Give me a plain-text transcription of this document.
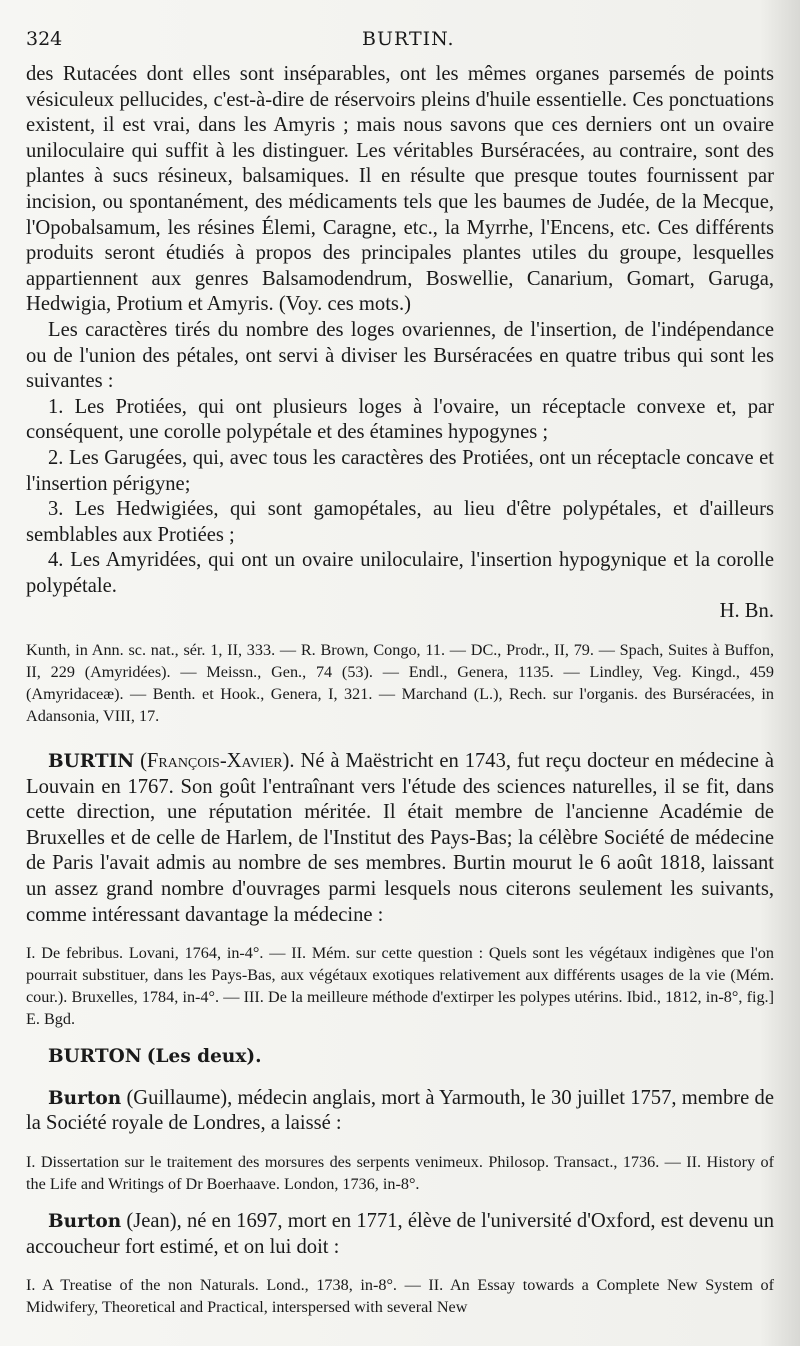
324	BURTIN.

des Rutacées dont elles sont inséparables, ont les mêmes organes parsemés de points vésiculeux pellucides, c'est-à-dire de réservoirs pleins d'huile essentielle. Ces ponctuations existent, il est vrai, dans les Amyris ; mais nous savons que ces derniers ont un ovaire uniloculaire qui suffit à les distinguer. Les véritables Burséracées, au contraire, sont des plantes à sucs résineux, balsamiques. Il en résulte que presque toutes fournissent par incision, ou spontanément, des médicaments tels que les baumes de Judée, de la Mecque, l'Opobalsamum, les résines Élemi, Caragne, etc., la Myrrhe, l'Encens, etc. Ces différents produits seront étudiés à propos des principales plantes utiles du groupe, lesquelles appartiennent aux genres Balsamodendrum, Boswellie, Canarium, Gomart, Garuga, Hedwigia, Protium et Amyris. (Voy. ces mots.)

Les caractères tirés du nombre des loges ovariennes, de l'insertion, de l'indépendance ou de l'union des pétales, ont servi à diviser les Burséracées en quatre tribus qui sont les suivantes :

1. Les Protiées, qui ont plusieurs loges à l'ovaire, un réceptacle convexe et, par conséquent, une corolle polypétale et des étamines hypogynes ;

2. Les Garugées, qui, avec tous les caractères des Protiées, ont un réceptacle concave et l'insertion périgyne;

3. Les Hedwigiées, qui sont gamopétales, au lieu d'être polypétales, et d'ailleurs semblables aux Protiées ;

4. Les Amyridées, qui ont un ovaire uniloculaire, l'insertion hypogynique et la corolle polypétale.

H. Bn.

Kunth, in Ann. sc. nat., sér. 1, II, 333. — R. Brown, Congo, 11. — DC., Prodr., II, 79. — Spach, Suites à Buffon, II, 229 (Amyridées). — Meissn., Gen., 74 (53). — Endl., Genera, 1135. — Lindley, Veg. Kingd., 459 (Amyridaceæ). — Benth. et Hook., Genera, I, 321. — Marchand (L.), Rech. sur l'organis. des Burséracées, in Adansonia, VIII, 17.

BURTIN (François-Xavier). Né à Maëstricht en 1743, fut reçu docteur en médecine à Louvain en 1767. Son goût l'entraînant vers l'étude des sciences naturelles, il se fit, dans cette direction, une réputation méritée. Il était membre de l'ancienne Académie de Bruxelles et de celle de Harlem, de l'Institut des Pays-Bas; la célèbre Société de médecine de Paris l'avait admis au nombre de ses membres. Burtin mourut le 6 août 1818, laissant un assez grand nombre d'ouvrages parmi lesquels nous citerons seulement les suivants, comme intéressant davantage la médecine :

I. De febribus. Lovani, 1764, in-4°. — II. Mém. sur cette question : Quels sont les végétaux indigènes que l'on pourrait substituer, dans les Pays-Bas, aux végétaux exotiques relativement aux différents usages de la vie (Mém. cour.). Bruxelles, 1784, in-4°. — III. De la meilleure méthode d'extirper les polypes utérins. Ibid., 1812, in-8°, fig.] E. Bgd.

BURTON (Les deux).

Burton (Guillaume), médecin anglais, mort à Yarmouth, le 30 juillet 1757, membre de la Société royale de Londres, a laissé :

I. Dissertation sur le traitement des morsures des serpents venimeux. Philosop. Transact., 1736. — II. History of the Life and Writings of Dr Boerhaave. London, 1736, in-8°.

Burton (Jean), né en 1697, mort en 1771, élève de l'université d'Oxford, est devenu un accoucheur fort estimé, et on lui doit :

I. A Treatise of the non Naturals. Lond., 1738, in-8°. — II. An Essay towards a Complete New System of Midwifery, Theoretical and Practical, interspersed with several New
